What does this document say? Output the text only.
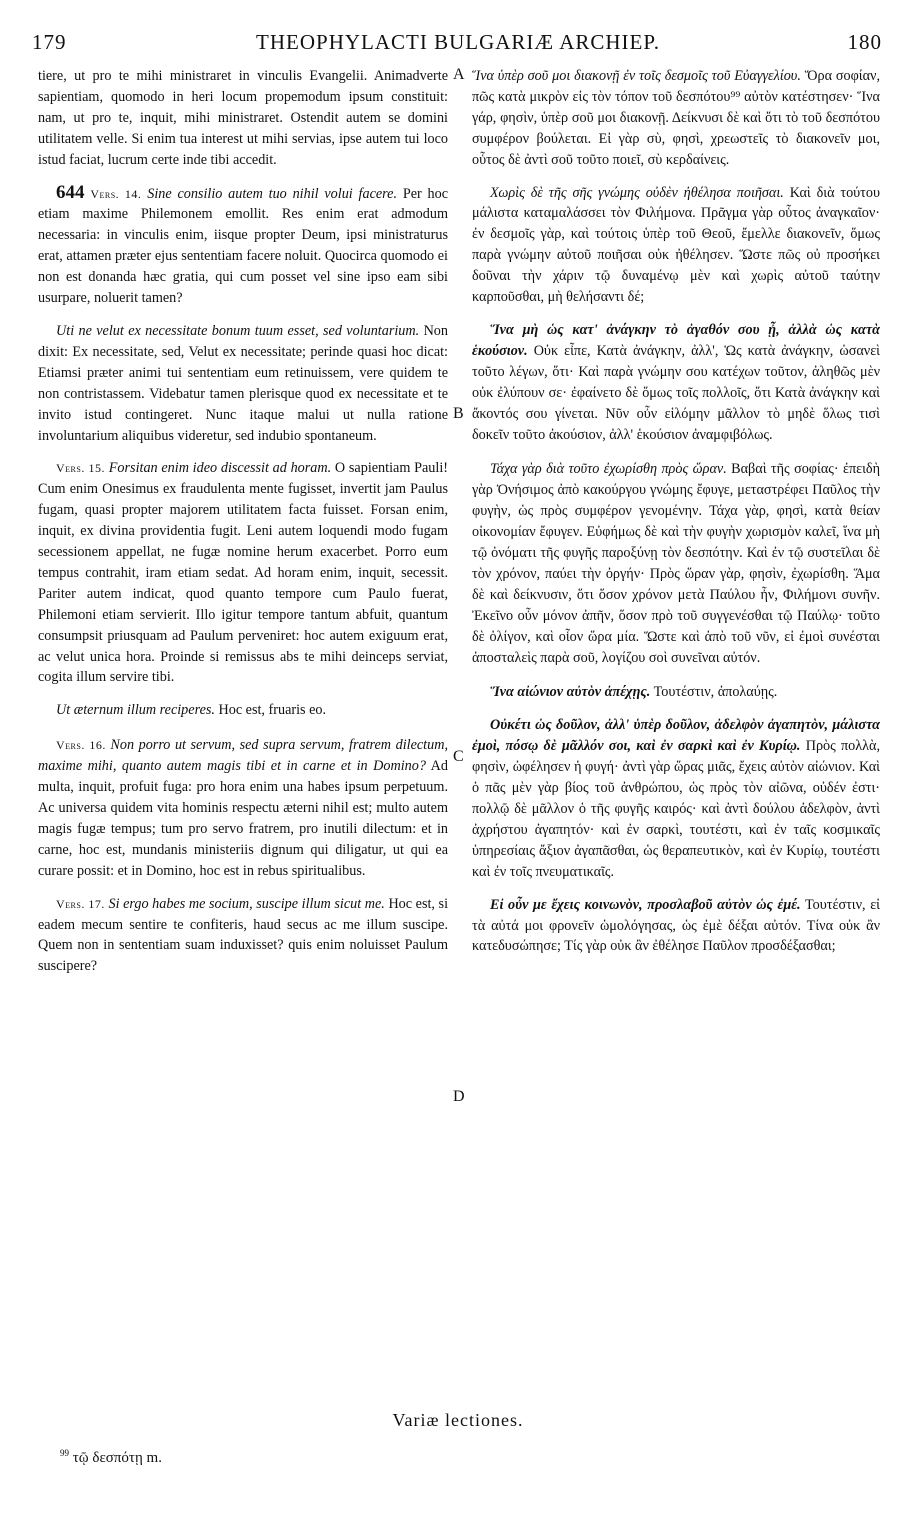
179	THEOPHYLACTI BULGARIÆ ARCHIEP.	180
A
B
C
D

tiere, ut pro te mihi ministraret in vinculis Evangelii. Animadverte sapientiam, quomodo in heri locum propemodum ipsum constituit: nam, ut pro te, inquit, mihi ministraret. Ostendit autem se domini utilitatem velle. Si enim tua interest ut mihi servias, ipse autem tui loco istud faciat, lucrum certe inde tibi accedit.

644 Vers. 14. Sine consilio autem tuo nihil volui facere. Per hoc etiam maxime Philemonem emollit. Res enim erat admodum necessaria: in vinculis enim, iisque propter Deum, ipsi ministraturus erat, attamen præter ejus sententiam facere noluit. Quocirca quomodo ei non est donanda hæc gratia, qui cum posset vel sine ipso eam sibi usurpare, noluerit tamen?

Uti ne velut ex necessitate bonum tuum esset, sed voluntarium. Non dixit: Ex necessitate, sed, Velut ex necessitate; perinde quasi hoc dicat: Etiamsi præter animi tui sententiam eum retinuissem, vere quidem te non contristassem. Videbatur tamen plerisque quod ex necessitate et te invito istud contingeret. Nunc itaque malui ut nulla ratione involuntarium aliquibus videretur, sed indubio spontaneum.

Vers. 15. Forsitan enim ideo discessit ad horam. O sapientiam Pauli! Cum enim Onesimus ex fraudulenta mente fugisset, invertit jam Paulus fugam, quasi propter majorem utilitatem facta fuisset. Forsan enim, inquit, ex divina providentia fugit. Leni autem loquendi modo fugam secessionem appellat, ne fugæ nomine herum exacerbet. Porro eum tempus contrahit, iram etiam sedat. Ad horam enim, inquit, secessit. Pariter autem indicat, quod quanto tempore cum Paulo fuerat, Philemoni etiam servierit. Illo igitur tempore tantum abfuit, quantum consumpsit priusquam ad Paulum perveniret: hoc autem exiguum erat, ac velut unica hora. Proinde si remissus abs te mihi deinceps serviat, cogita illum servire tibi.

Ut æternum illum reciperes. Hoc est, fruaris eo.

Vers. 16. Non porro ut servum, sed supra servum, fratrem dilectum, maxime mihi, quanto autem magis tibi et in carne et in Domino? Ad multa, inquit, profuit fuga: pro hora enim una habes ipsum perpetuum. Ac universa quidem vita hominis respectu æterni nihil est; multo autem magis fugæ tempus; tum pro servo fratrem, pro inutili dilectum: et in carne, hoc est, mundanis ministeriis dignum qui diligatur, ut qui ea curare possit: et in Domino, hoc est in rebus spiritualibus.

Vers. 17. Si ergo habes me socium, suscipe illum sicut me. Hoc est, si eadem mecum sentire te confiteris, haud secus ac me illum suscipe. Quem non in sententiam suam induxisset? quis enim noluisset Paulum suscipere?

Ἵνα ὑπὲρ σοῦ μοι διακονῇ ἐν τοῖς δεσμοῖς τοῦ Εὐαγγελίου. Ὅρα σοφίαν, πῶς κατὰ μικρὸν εἰς τὸν τόπον τοῦ δεσπότου⁹⁹ αὐτὸν κατέστησεν· Ἵνα γάρ, φησὶν, ὑπὲρ σοῦ μοι διακονῇ. Δείκνυσι δὲ καὶ ὅτι τὸ τοῦ δεσπότου συμφέρον βούλεται. Εἰ γὰρ σὺ, φησὶ, χρεωστεῖς τὸ διακονεῖν μοι, οὗτος δὲ ἀντὶ σοῦ τοῦτο ποιεῖ, σὺ κερδαίνεις.

Χωρὶς δὲ τῆς σῆς γνώμης οὐδὲν ἠθέλησα ποιῆσαι. Καὶ διὰ τούτου μάλιστα καταμαλάσσει τὸν Φιλήμονα. Πρᾶγμα γὰρ οὗτος ἀναγκαῖον· ἐν δεσμοῖς γὰρ, καὶ τούτοις ὑπὲρ τοῦ Θεοῦ, ἔμελλε διακονεῖν, ὅμως παρὰ γνώμην αὐτοῦ ποιῆσαι οὐκ ἠθέλησεν. Ὥστε πῶς οὐ προσήκει δοῦναι τὴν χάριν τῷ δυναμένῳ μὲν καὶ χωρὶς αὐτοῦ ταύτην καρποῦσθαι, μὴ θελήσαντι δέ;

Ἵνα μὴ ὡς κατ' ἀνάγκην τὸ ἀγαθόν σου ᾖ, ἀλλὰ ὡς κατὰ ἑκούσιον. Οὐκ εἶπε, Κατὰ ἀνάγκην, ἀλλ', Ὡς κατὰ ἀνάγκην, ὡσανεὶ τοῦτο λέγων, ὅτι· Καὶ παρὰ γνώμην σου κατέχων τοῦτον, ἀληθῶς μὲν οὐκ ἐλύπουν σε· ἐφαίνετο δὲ ὅμως τοῖς πολλοῖς, ὅτι Κατὰ ἀνάγκην καὶ ἄκοντός σου γίνεται. Νῦν οὖν εἱλόμην μᾶλλον τὸ μηδὲ ὅλως τισὶ δοκεῖν τοῦτο ἀκούσιον, ἀλλ' ἑκούσιον ἀναμφιβόλως.

Τάχα γὰρ διὰ τοῦτο ἐχωρίσθη πρὸς ὥραν. Βαβαὶ τῆς σοφίας· ἐπειδὴ γὰρ Ὀνήσιμος ἀπὸ κακούργου γνώμης ἔφυγε, μεταστρέφει Παῦλος τὴν φυγὴν, ὡς πρὸς συμφέρον γενομένην. Τάχα γὰρ, φησὶ, κατὰ θείαν οἰκονομίαν ἔφυγεν. Εὐφήμως δὲ καὶ τὴν φυγὴν χωρισμὸν καλεῖ, ἵνα μὴ τῷ ὀνόματι τῆς φυγῆς παροξύνῃ τὸν δεσπότην. Καὶ ἐν τῷ συστεῖλαι δὲ τὸν χρόνον, παύει τὴν ὀργήν· Πρὸς ὥραν γὰρ, φησὶν, ἐχωρίσθη. Ἅμα δὲ καὶ δείκνυσιν, ὅτι ὅσον χρόνον μετὰ Παύλου ἦν, Φιλήμονι συνῆν. Ἐκεῖνο οὖν μόνον ἀπῆν, ὅσον πρὸ τοῦ συγγενέσθαι τῷ Παύλῳ· τοῦτο δὲ ὀλίγον, καὶ οἷον ὥρα μία. Ὥστε καὶ ἀπὸ τοῦ νῦν, εἰ ἐμοὶ συνέσται ἀποσταλεὶς παρὰ σοῦ, λογίζου σοὶ συνεῖναι αὐτόν.

Ἵνα αἰώνιον αὐτὸν ἀπέχῃς. Τουτέστιν, ἀπολαύῃς.

Οὐκέτι ὡς δοῦλον, ἀλλ' ὑπὲρ δοῦλον, ἀδελφὸν ἀγαπητὸν, μάλιστα ἐμοὶ, πόσῳ δὲ μᾶλλόν σοι, καὶ ἐν σαρκὶ καὶ ἐν Κυρίῳ. Πρὸς πολλὰ, φησὶν, ὠφέλησεν ἡ φυγή· ἀντὶ γὰρ ὥρας μιᾶς, ἔχεις αὐτὸν αἰώνιον. Καὶ ὁ πᾶς μὲν γὰρ βίος τοῦ ἀνθρώπου, ὡς πρὸς τὸν αἰῶνα, οὐδέν ἐστι· πολλῷ δὲ μᾶλλον ὁ τῆς φυγῆς καιρός· καὶ ἀντὶ δούλου ἀδελφὸν, ἀντὶ ἀχρήστου ἀγαπητόν· καὶ ἐν σαρκὶ, τουτέστι, καὶ ἐν ταῖς κοσμικαῖς ὑπηρεσίαις ἄξιον ἀγαπᾶσθαι, ὡς θεραπευτικὸν, καὶ ἐν Κυρίῳ, τουτέστι καὶ ἐν τοῖς πνευματικαῖς.

Εἰ οὖν με ἔχεις κοινωνὸν, προσλαβοῦ αὐτὸν ὡς ἐμέ. Τουτέστιν, εἰ τὰ αὐτά μοι φρονεῖν ὡμολόγησας, ὡς ἐμὲ δέξαι αὐτόν. Τίνα οὐκ ἂν κατεδυσώπησε; Τίς γὰρ οὐκ ἂν ἐθέλησε Παῦλον προσδέξασθαι;

Variæ lectiones.
$^{99}$ τῷ δεσπότῃ m.
